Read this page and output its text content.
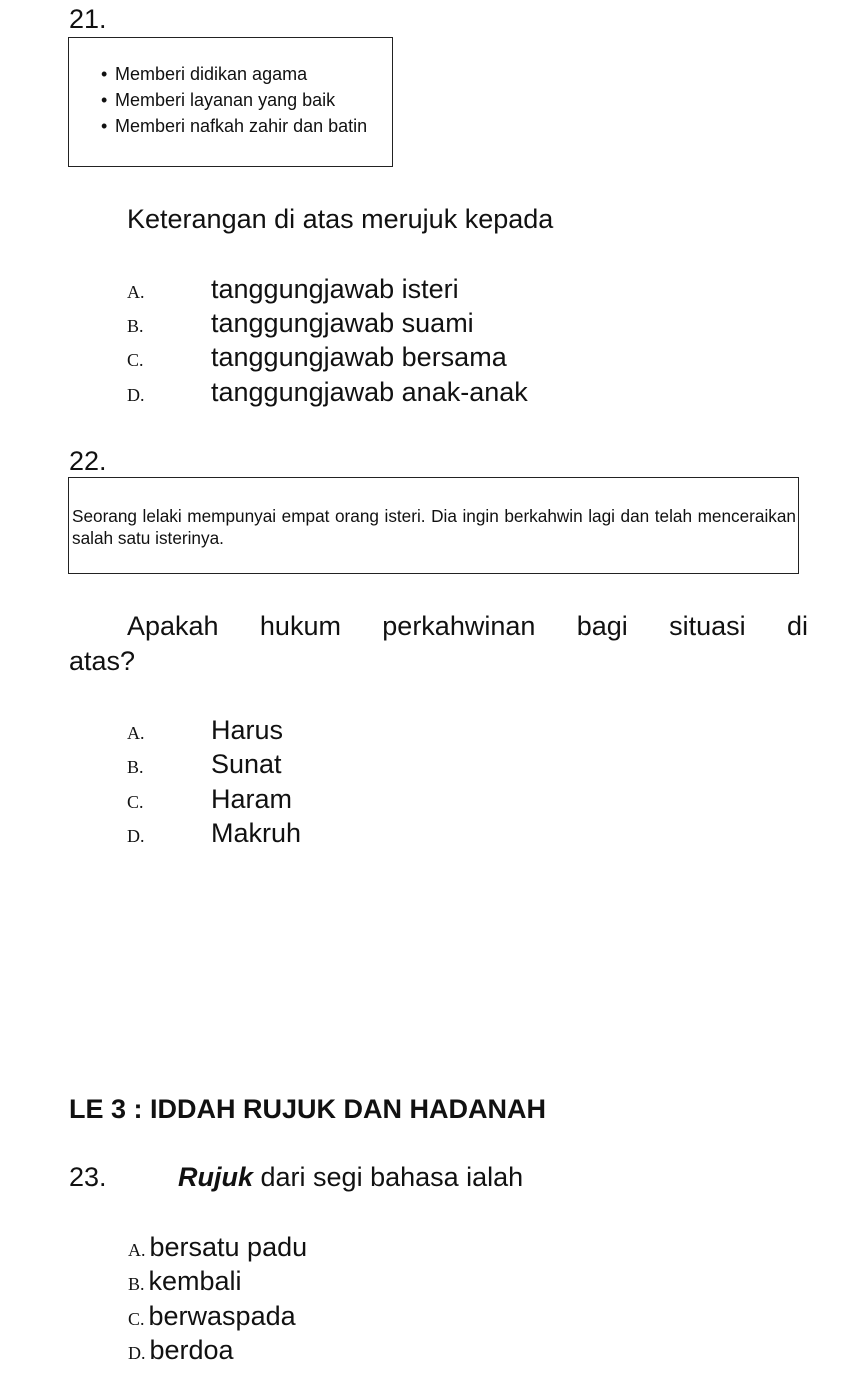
21.
• Memberi didikan agama
• Memberi layanan yang baik
• Memberi nafkah zahir dan batin
Keterangan di atas merujuk kepada
A. tanggungjawab isteri
B. tanggungjawab suami
C. tanggungjawab bersama
D. tanggungjawab anak-anak
22.
Seorang lelaki mempunyai empat orang isteri. Dia ingin berkahwin lagi dan telah menceraikan salah satu isterinya.
Apakah hukum perkahwinan bagi situasi di
atas?
A. Harus
B. Sunat
C. Haram
D. Makruh
LE 3 : IDDAH RUJUK DAN HADANAH
23.	Rujuk dari segi bahasa ialah
A. bersatu padu
B. kembali
C. berwaspada
D. berdoa
